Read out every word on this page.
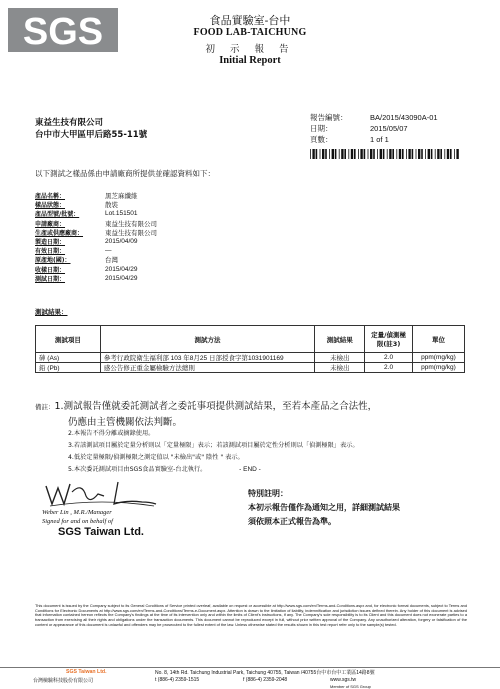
SGS	食品實驗室-台中
FOOD LAB-TAICHUNG
初 示 報 告
Initial Report
東益生技有限公司
台中市大甲區甲后路55-11號
報告編號：	BA/2015/43090A-01
日期：	2015/05/07
頁數：	1 of 1
以下測試之樣品係由申請廠商所提供並確認資料如下：
產品名稱：	黑芝麻纖維
樣品狀態：	散裝
產品型號/批號：	Lot.151501
申請廠商：	東益生技有限公司
生產或供應廠商：	東益生技有限公司
製造日期：	2015/04/09
有效日期：	—
原產地(國)：	台灣
收樣日期：	2015/04/29
測試日期：	2015/04/29
測試結果：
測試項目	測試方法	測試結果	定量/偵測極限(註3)	單位
砷 (As)	參考行政院衛生福利部 103 年8月25 日部授食字第1031901169	未檢出	2.0	ppm(mg/kg)
鉛 (Pb)	感公告修正重金屬檢驗方法總則	未檢出	2.0	ppm(mg/kg)
備註：1.測試報告僅就委託測試者之委託事項提供測試結果，至若本產品之合法性，
仍應由主管機關依法判斷。
2.本報告不得分離或摘錄使用。
3.若該測試項目屬於定量分析則以「定量極限」表示；若該測試項目屬於定性分析則以「偵測極限」表示。
4.低於定量極限/偵測極限之測定值以 "未檢出"或" 陰性 " 表示。
5.本次委託測試項目由SGS食品實驗室-台北執行。	- END -
Weber Lin , M.R./Manager
Signed for and on behalf of
SGS Taiwan Ltd.
特別註明：
本初示報告僅作為通知之用，詳細測試結果
須依照本正式報告為準。
This document is issued by the Company subject to its General Conditions of Service printed overleaf, available on request or accessible at http://www.sgs.com/en/Terms-and-Conditions.aspx and, for electronic format documents, subject to Terms and Conditions for Electronic Documents at http://www.sgs.com/en/Terms-and-Conditions/Terms-e-Document.aspx. Attention is drawn to the limitation of liability, indemnification and jurisdiction issues defined therein. Any holder of this document is advised that information contained hereon reflects the Company's findings at the time of its intervention only and within the limits of Client's instructions, if any. The Company's sole responsibility is to its Client and this document does not exonerate parties to a transaction from exercising all their rights and obligations under the transaction documents. This document cannot be reproduced except in full, without prior written approval of the Company. Any unauthorized alteration, forgery or falsification of the content or appearance of this document is unlawful and offenders may be prosecuted to the fullest extent of the law. Unless otherwise stated the results shown in this test report refer only to the sample(s) tested.
SGS Taiwan Ltd.
台灣檢驗科技股份有限公司
No. 8, 14th Rd. Taichung Industrial Park, Taichung 40755, Taiwan /40755台中市台中工業區14路8號
t (886-4) 2359-1515	f (886-4) 2359-2048	www.sgs.tw
Member of SGS Group
